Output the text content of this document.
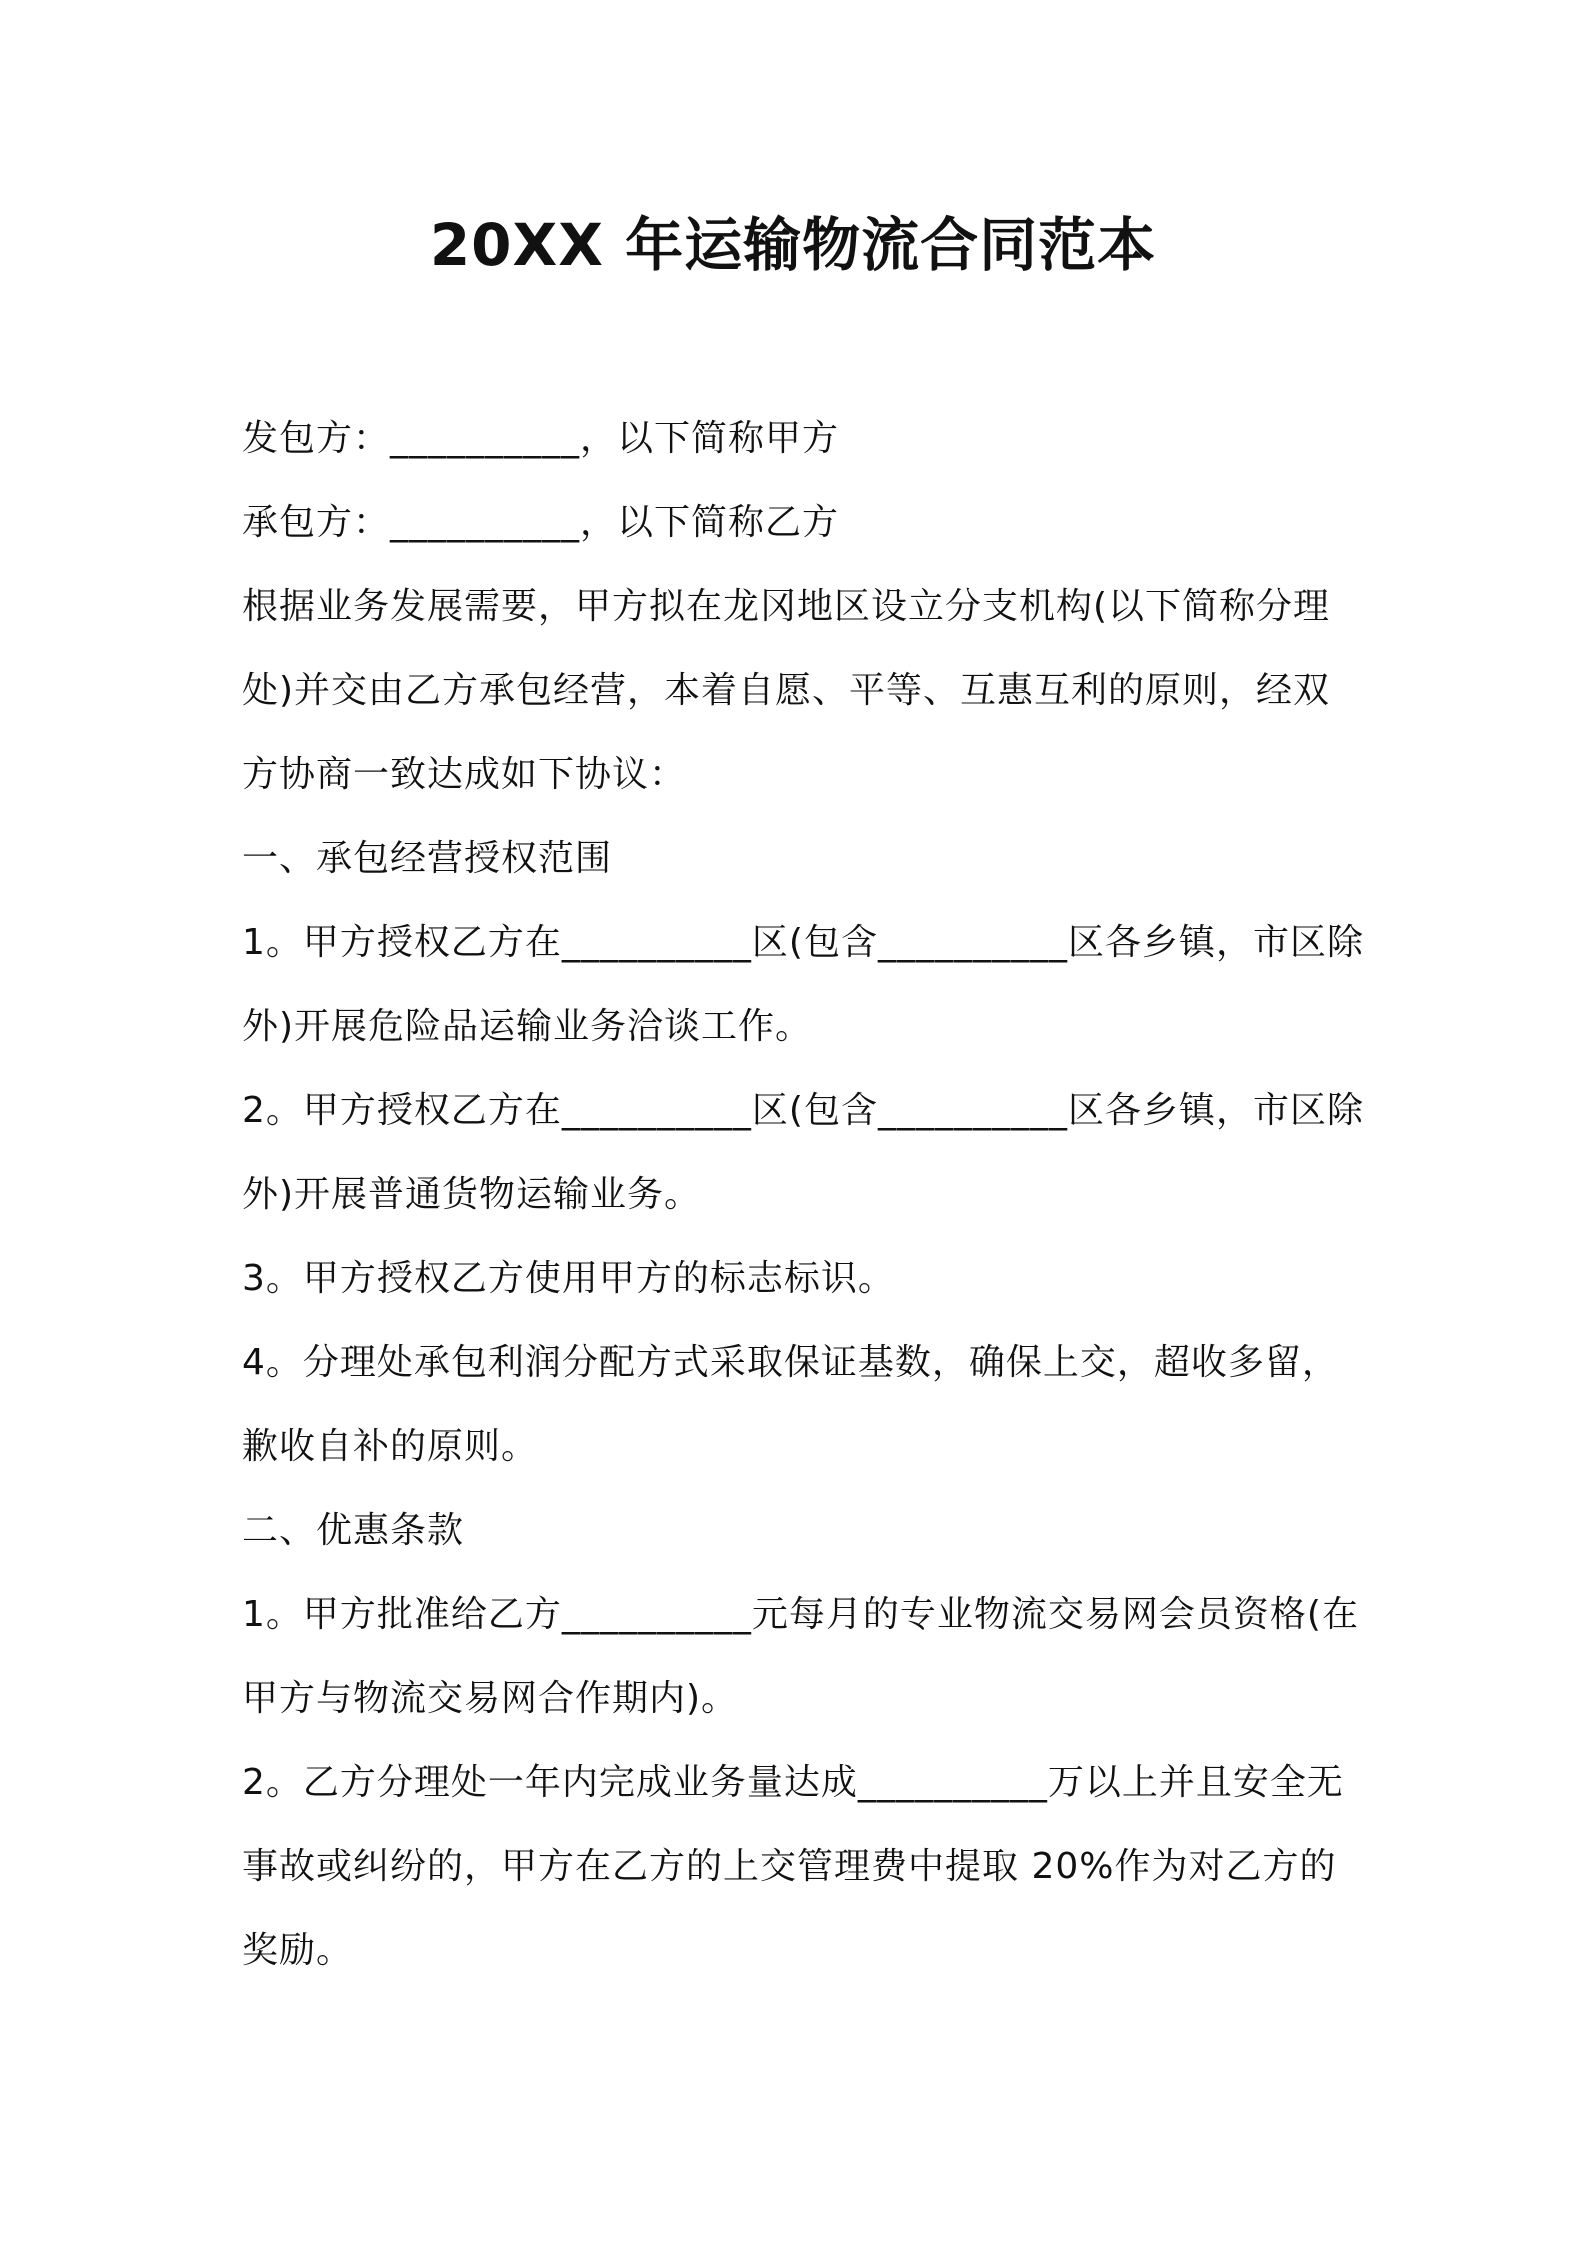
20XX 年运输物流合同范本
发包方：__________，以下简称甲方
承包方：__________，以下简称乙方
根据业务发展需要，甲方拟在龙冈地区设立分支机构(以下简称分理
处)并交由乙方承包经营，本着自愿、平等、互惠互利的原则，经双
方协商一致达成如下协议：
一、承包经营授权范围
1。甲方授权乙方在__________区(包含__________区各乡镇，市区除
外)开展危险品运输业务洽谈工作。
2。甲方授权乙方在__________区(包含__________区各乡镇，市区除
外)开展普通货物运输业务。
3。甲方授权乙方使用甲方的标志标识。
4。分理处承包利润分配方式采取保证基数，确保上交，超收多留，
歉收自补的原则。
二、优惠条款
1。甲方批准给乙方__________元每月的专业物流交易网会员资格(在
甲方与物流交易网合作期内)。
2。乙方分理处一年内完成业务量达成__________万以上并且安全无
事故或纠纷的，甲方在乙方的上交管理费中提取 20%作为对乙方的
奖励。
